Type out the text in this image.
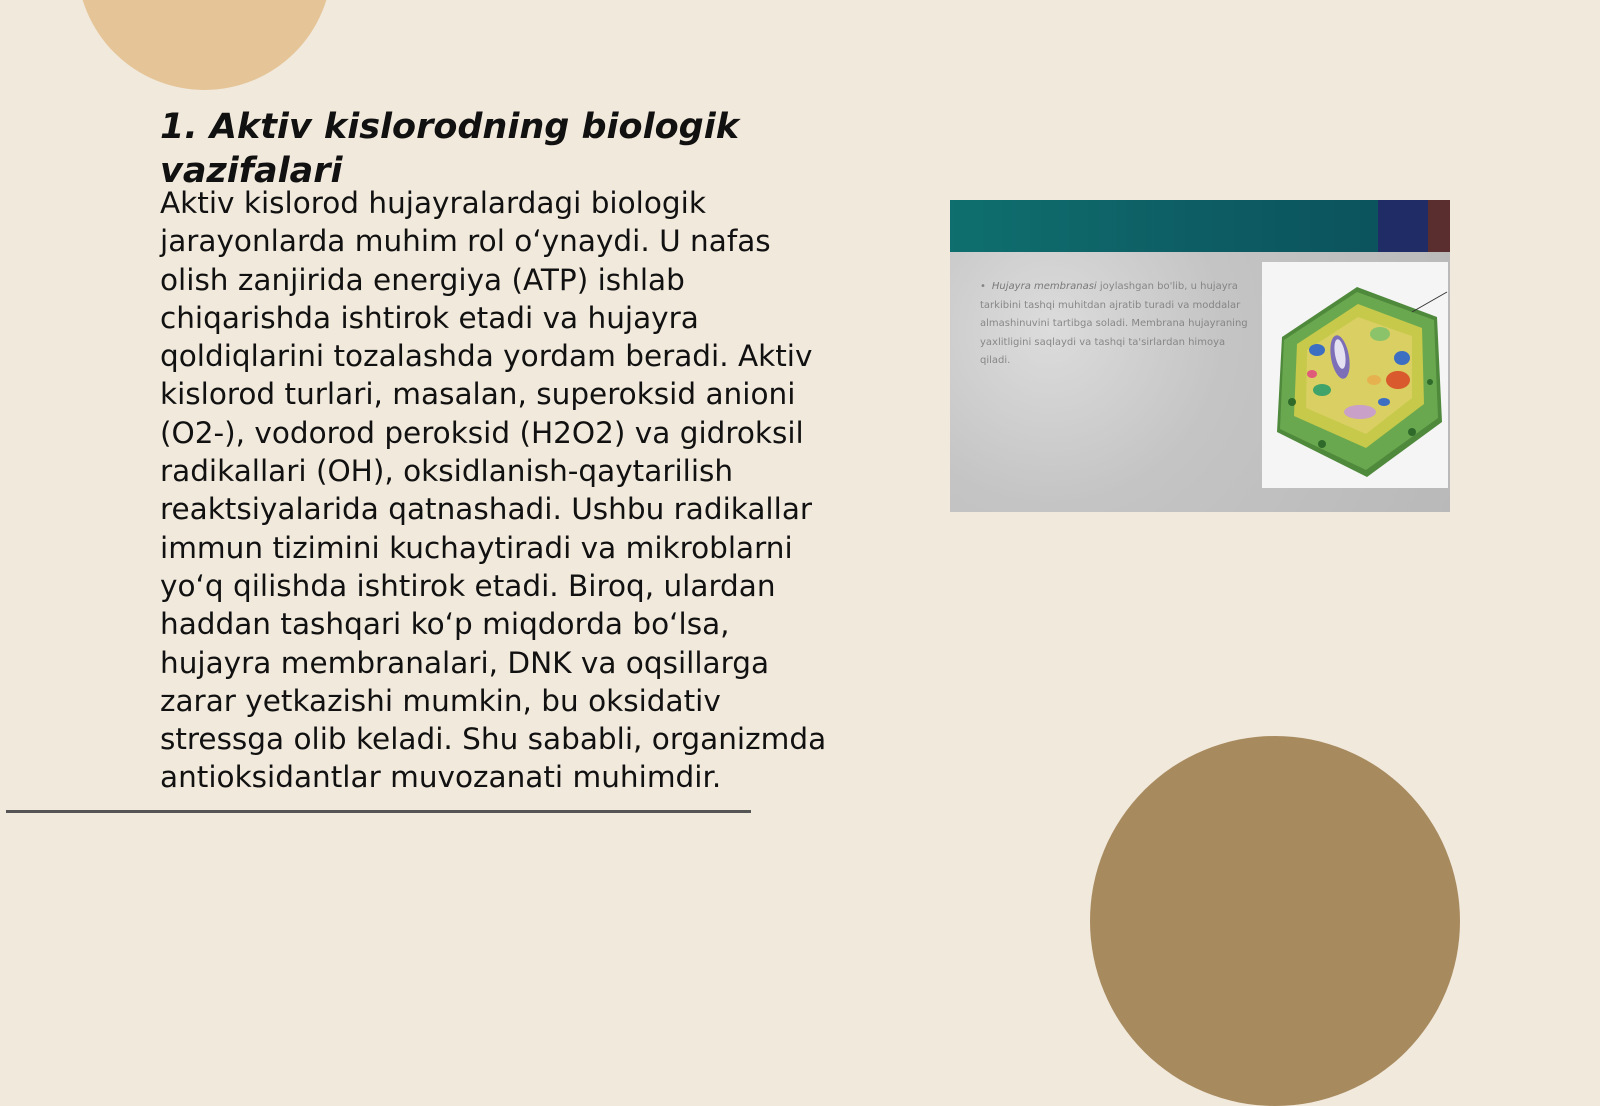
1. Aktiv kislorodning biologik vazifalari

Aktiv kislorod hujayralardagi biologik jarayonlarda muhim rol oʻynaydi. U nafas olish zanjirida energiya (ATP) ishlab chiqarishda ishtirok etadi va hujayra qoldiqlarini tozalashda yordam beradi. Aktiv kislorod turlari, masalan, superoksid anioni (O2-), vodorod peroksid (H2O2) va gidroksil radikallari (OH), oksidlanish-qaytarilish reaktsiyalarida qatnashadi. Ushbu radikallar immun tizimini kuchaytiradi va mikroblarni yoʻq qilishda ishtirok etadi. Biroq, ulardan haddan tashqari koʻp miqdorda boʻlsa, hujayra membranalari, DNK va oqsillarga zarar yetkazishi mumkin, bu oksidativ stressga olib keladi. Shu sababli, organizmda antioksidantlar muvozanati muhimdir.

• Hujayra membranasi joylashgan bo'lib, u hujayra tarkibini tashqi muhitdan ajratib turadi va moddalar almashinuvini tartibga soladi. Membrana hujayraning yaxlitligini saqlaydi va tashqi ta'sirlardan himoya qiladi.
